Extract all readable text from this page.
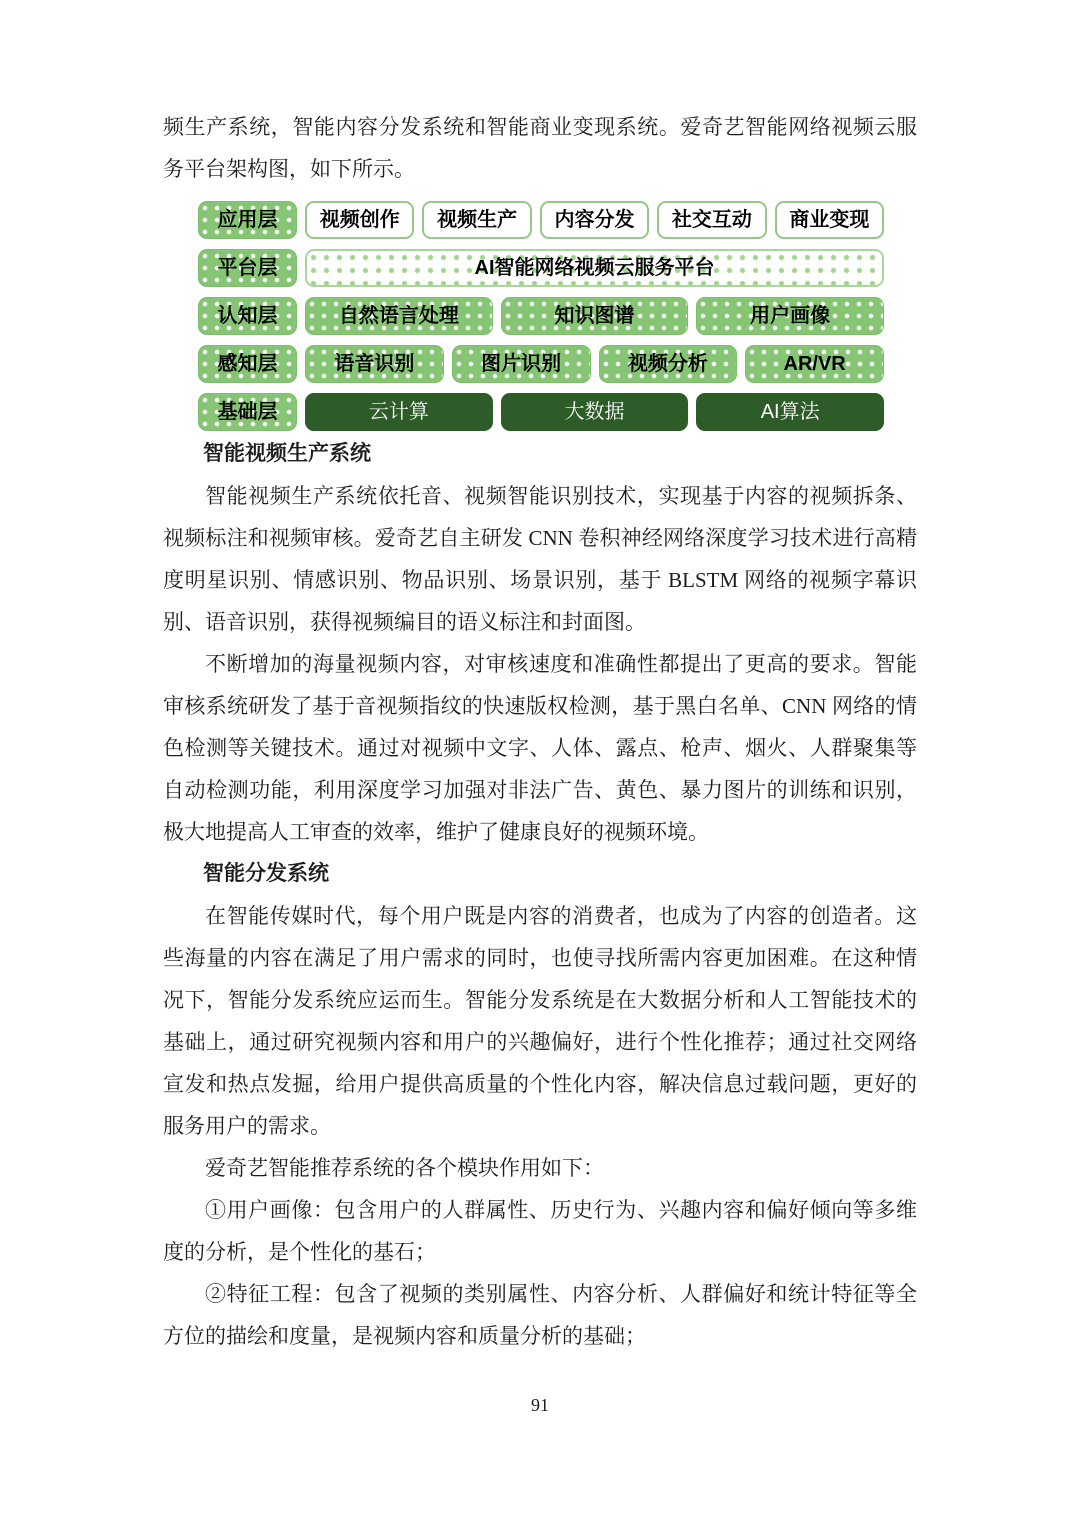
频生产系统，智能内容分发系统和智能商业变现系统。爱奇艺智能网络视频云服务平台架构图，如下所示。

应用层	视频创作	视频生产	内容分发	社交互动	商业变现
平台层	AI智能网络视频云服务平台
认知层	自然语言处理	知识图谱	用户画像
感知层	语音识别	图片识别	视频分析	AR/VR
基础层	云计算	大数据	AI算法

智能视频生产系统

智能视频生产系统依托音、视频智能识别技术，实现基于内容的视频拆条、视频标注和视频审核。爱奇艺自主研发 CNN 卷积神经网络深度学习技术进行高精度明星识别、情感识别、物品识别、场景识别，基于 BLSTM 网络的视频字幕识别、语音识别，获得视频编目的语义标注和封面图。

不断增加的海量视频内容，对审核速度和准确性都提出了更高的要求。智能审核系统研发了基于音视频指纹的快速版权检测，基于黑白名单、CNN 网络的情色检测等关键技术。通过对视频中文字、人体、露点、枪声、烟火、人群聚集等自动检测功能，利用深度学习加强对非法广告、黄色、暴力图片的训练和识别，极大地提高人工审查的效率，维护了健康良好的视频环境。

智能分发系统

在智能传媒时代，每个用户既是内容的消费者，也成为了内容的创造者。这些海量的内容在满足了用户需求的同时，也使寻找所需内容更加困难。在这种情况下，智能分发系统应运而生。智能分发系统是在大数据分析和人工智能技术的基础上，通过研究视频内容和用户的兴趣偏好，进行个性化推荐；通过社交网络宣发和热点发掘，给用户提供高质量的个性化内容，解决信息过载问题，更好的服务用户的需求。

爱奇艺智能推荐系统的各个模块作用如下：

①用户画像：包含用户的人群属性、历史行为、兴趣内容和偏好倾向等多维度的分析，是个性化的基石；

②特征工程：包含了视频的类别属性、内容分析、人群偏好和统计特征等全方位的描绘和度量，是视频内容和质量分析的基础；

91
